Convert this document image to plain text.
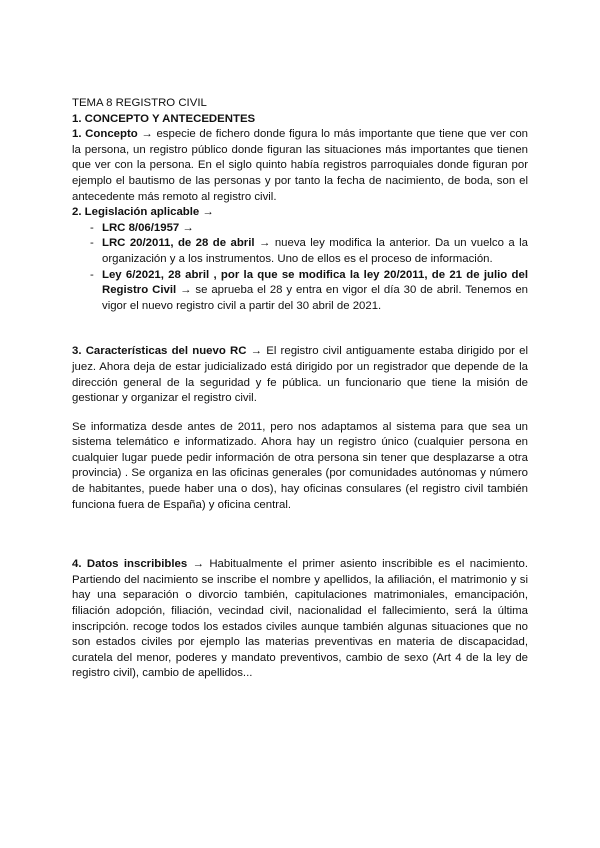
TEMA 8 REGISTRO CIVIL

1. CONCEPTO Y ANTECEDENTES

1. Concepto → especie de fichero donde figura lo más importante que tiene que ver con la persona, un registro público donde figuran las situaciones más importantes que tienen que ver con la persona. En el siglo quinto había registros parroquiales donde figuran por ejemplo el bautismo de las personas y por tanto la fecha de nacimiento, de boda, son el antecedente más remoto al registro civil.

2. Legislación aplicable →

- LRC 8/06/1957 →
- LRC 20/2011, de 28 de abril → nueva ley modifica la anterior. Da un vuelco a la organización y a los instrumentos. Uno de ellos es el proceso de información.
- Ley 6/2021, 28 abril , por la que se modifica la ley 20/2011, de 21 de julio del Registro Civil → se aprueba el 28 y entra en vigor el día 30 de abril. Tenemos en vigor el nuevo registro civil a partir del 30 abril de 2021.

3. Características del nuevo RC → El registro civil antiguamente estaba dirigido por el juez. Ahora deja de estar judicializado está dirigido por un registrador que depende de la dirección general de la seguridad y fe pública. un funcionario que tiene la misión de gestionar y organizar el registro civil.

Se informatiza desde antes de 2011, pero nos adaptamos al sistema para que sea un sistema telemático e informatizado. Ahora hay un registro único (cualquier persona en cualquier lugar puede pedir información de otra persona sin tener que desplazarse a otra provincia) . Se organiza en las oficinas generales (por comunidades autónomas y número de habitantes, puede haber una o dos), hay oficinas consulares (el registro civil también funciona fuera de España) y oficina central.

4. Datos inscribibles → Habitualmente el primer asiento inscribible es el nacimiento. Partiendo del nacimiento se inscribe el nombre y apellidos, la afiliación, el matrimonio y si hay una separación o divorcio también, capitulaciones matrimoniales, emancipación, filiación adopción, filiación, vecindad civil, nacionalidad el fallecimiento, será la última inscripción. recoge todos los estados civiles aunque también algunas situaciones que no son estados civiles por ejemplo las materias preventivas en materia de discapacidad, curatela del menor, poderes y mandato preventivos, cambio de sexo (Art 4 de la ley de registro civil), cambio de apellidos...
